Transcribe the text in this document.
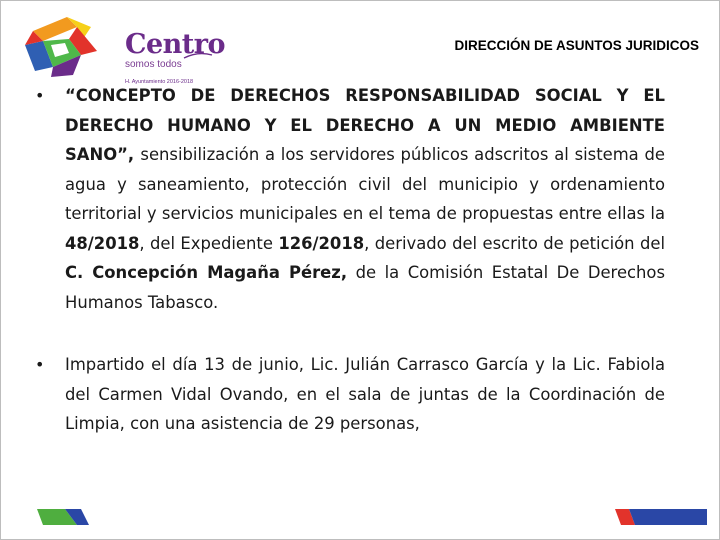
Centro
somos todos
H. Ayuntamiento 2016-2018
DIRECCIÓN DE ASUNTOS JURIDICOS
• “CONCEPTO DE DERECHOS RESPONSABILIDAD SOCIAL Y EL DERECHO HUMANO Y EL DERECHO A UN MEDIO AMBIENTE SANO”, sensibilización a los servidores públicos adscritos al sistema de agua y saneamiento, protección civil del municipio y ordenamiento territorial y servicios municipales en el tema de propuestas entre ellas la 48/2018, del Expediente 126/2018, derivado del escrito de petición del C. Concepción Magaña Pérez, de la Comisión Estatal De Derechos Humanos Tabasco.
• Impartido el día 13 de junio, Lic. Julián Carrasco García y la Lic. Fabiola del Carmen Vidal Ovando, en el sala de juntas de la Coordinación de Limpia, con una asistencia de 29 personas,
